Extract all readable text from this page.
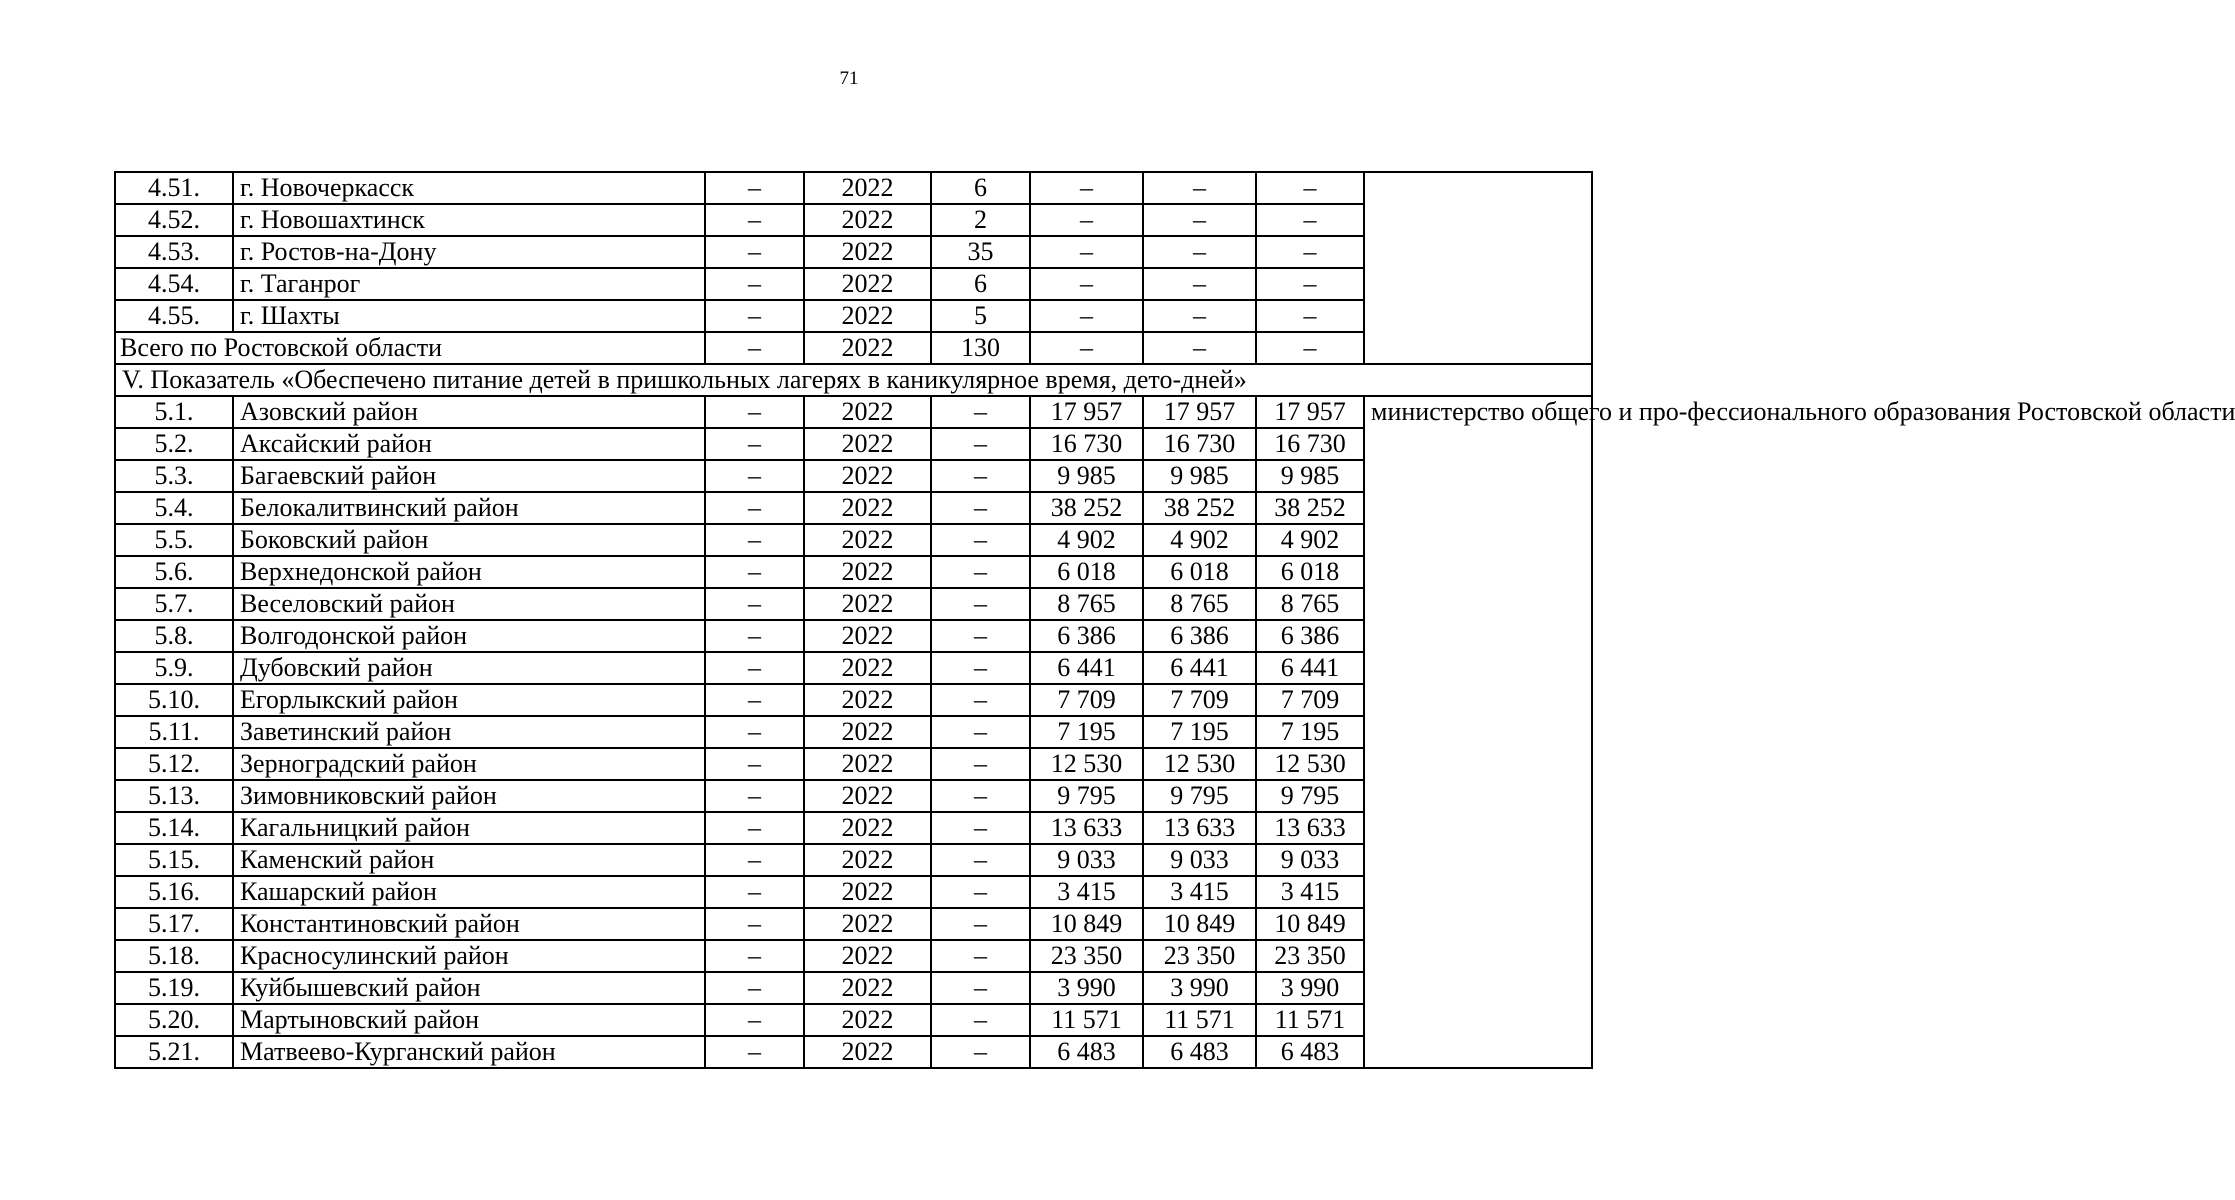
71
4.51.	г. Новочеркасск	–	2022	6	–	–	–	
4.52.	г. Новошахтинск	–	2022	2	–	–	–	
4.53.	г. Ростов-на-Дону	–	2022	35	–	–	–	
4.54.	г. Таганрог	–	2022	6	–	–	–	
4.55.	г. Шахты	–	2022	5	–	–	–	
Всего по Ростовской области		–	2022	130	–	–	–	
V. Показатель «Обеспечено питание детей в пришкольных лагерях в каникулярное время, дето-дней»								
5.1.	Азовский район	–	2022	–	17 957	17 957	17 957	министерство общего и про-фессионального образования Ростовской области
5.2.	Аксайский район	–	2022	–	16 730	16 730	16 730	
5.3.	Багаевский район	–	2022	–	9 985	9 985	9 985	
5.4.	Белокалитвинский район	–	2022	–	38 252	38 252	38 252	
5.5.	Боковский район	–	2022	–	4 902	4 902	4 902	
5.6.	Верхнедонской район	–	2022	–	6 018	6 018	6 018	
5.7.	Веселовский район	–	2022	–	8 765	8 765	8 765	
5.8.	Волгодонской район	–	2022	–	6 386	6 386	6 386	
5.9.	Дубовский район	–	2022	–	6 441	6 441	6 441	
5.10.	Егорлыкский район	–	2022	–	7 709	7 709	7 709	
5.11.	Заветинский район	–	2022	–	7 195	7 195	7 195	
5.12.	Зерноградский район	–	2022	–	12 530	12 530	12 530	
5.13.	Зимовниковский район	–	2022	–	9 795	9 795	9 795	
5.14.	Кагальницкий район	–	2022	–	13 633	13 633	13 633	
5.15.	Каменский район	–	2022	–	9 033	9 033	9 033	
5.16.	Кашарский район	–	2022	–	3 415	3 415	3 415	
5.17.	Константиновский район	–	2022	–	10 849	10 849	10 849	
5.18.	Красносулинский район	–	2022	–	23 350	23 350	23 350	
5.19.	Куйбышевский район	–	2022	–	3 990	3 990	3 990	
5.20.	Мартыновский район	–	2022	–	11 571	11 571	11 571	
5.21.	Матвеево-Курганский район	–	2022	–	6 483	6 483	6 483	
